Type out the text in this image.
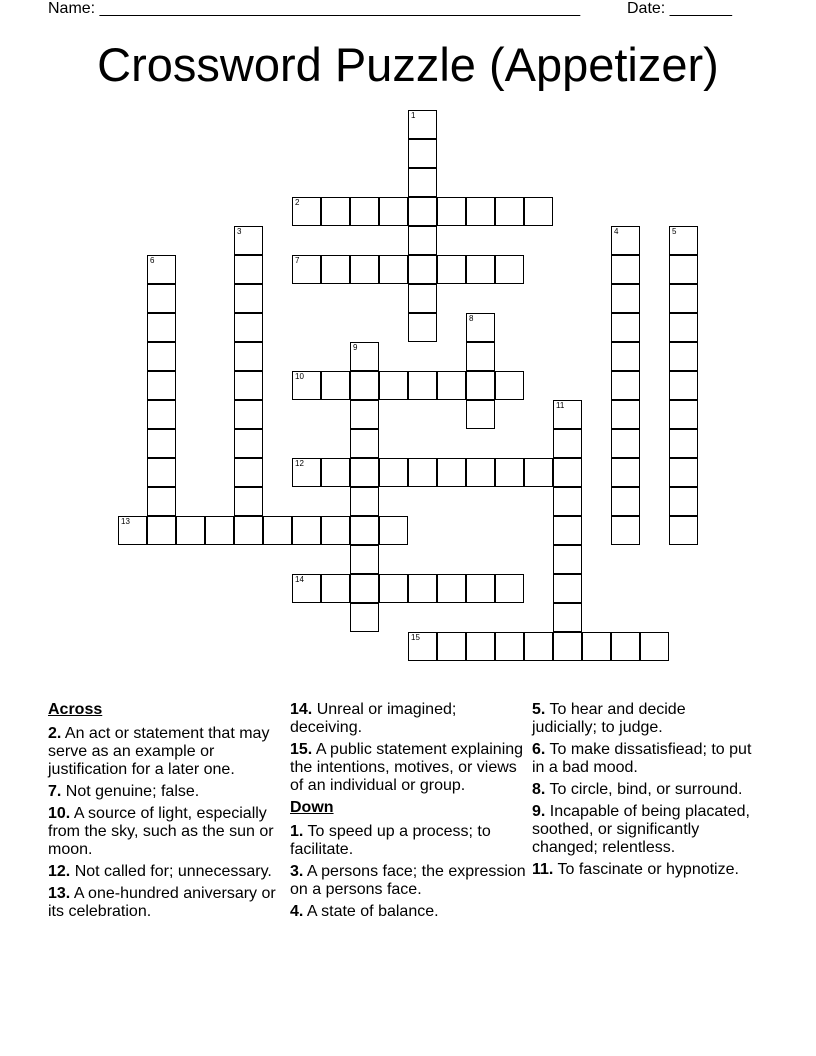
Name: ______________________________________________________	Date: _______
Crossword Puzzle (Appetizer)
1
2
3	4	5
6	7
8
9
10
11
12
13
14
15
Across
2. An act or statement that may serve as an example or justification for a later one.
7. Not genuine; false.
10. A source of light, especially from the sky, such as the sun or moon.
12. Not called for; unnecessary.
13. A one-hundred aniversary or its celebration.
14. Unreal or imagined; deceiving.
15. A public statement explaining the intentions, motives, or views of an individual or group.
Down
1. To speed up a process; to facilitate.
3. A persons face; the expression on a persons face.
4. A state of balance.
5. To hear and decide judicially; to judge.
6. To make dissatisfiead; to put in a bad mood.
8. To circle, bind, or surround.
9. Incapable of being placated, soothed, or significantly changed; relentless.
11. To fascinate or hypnotize.
